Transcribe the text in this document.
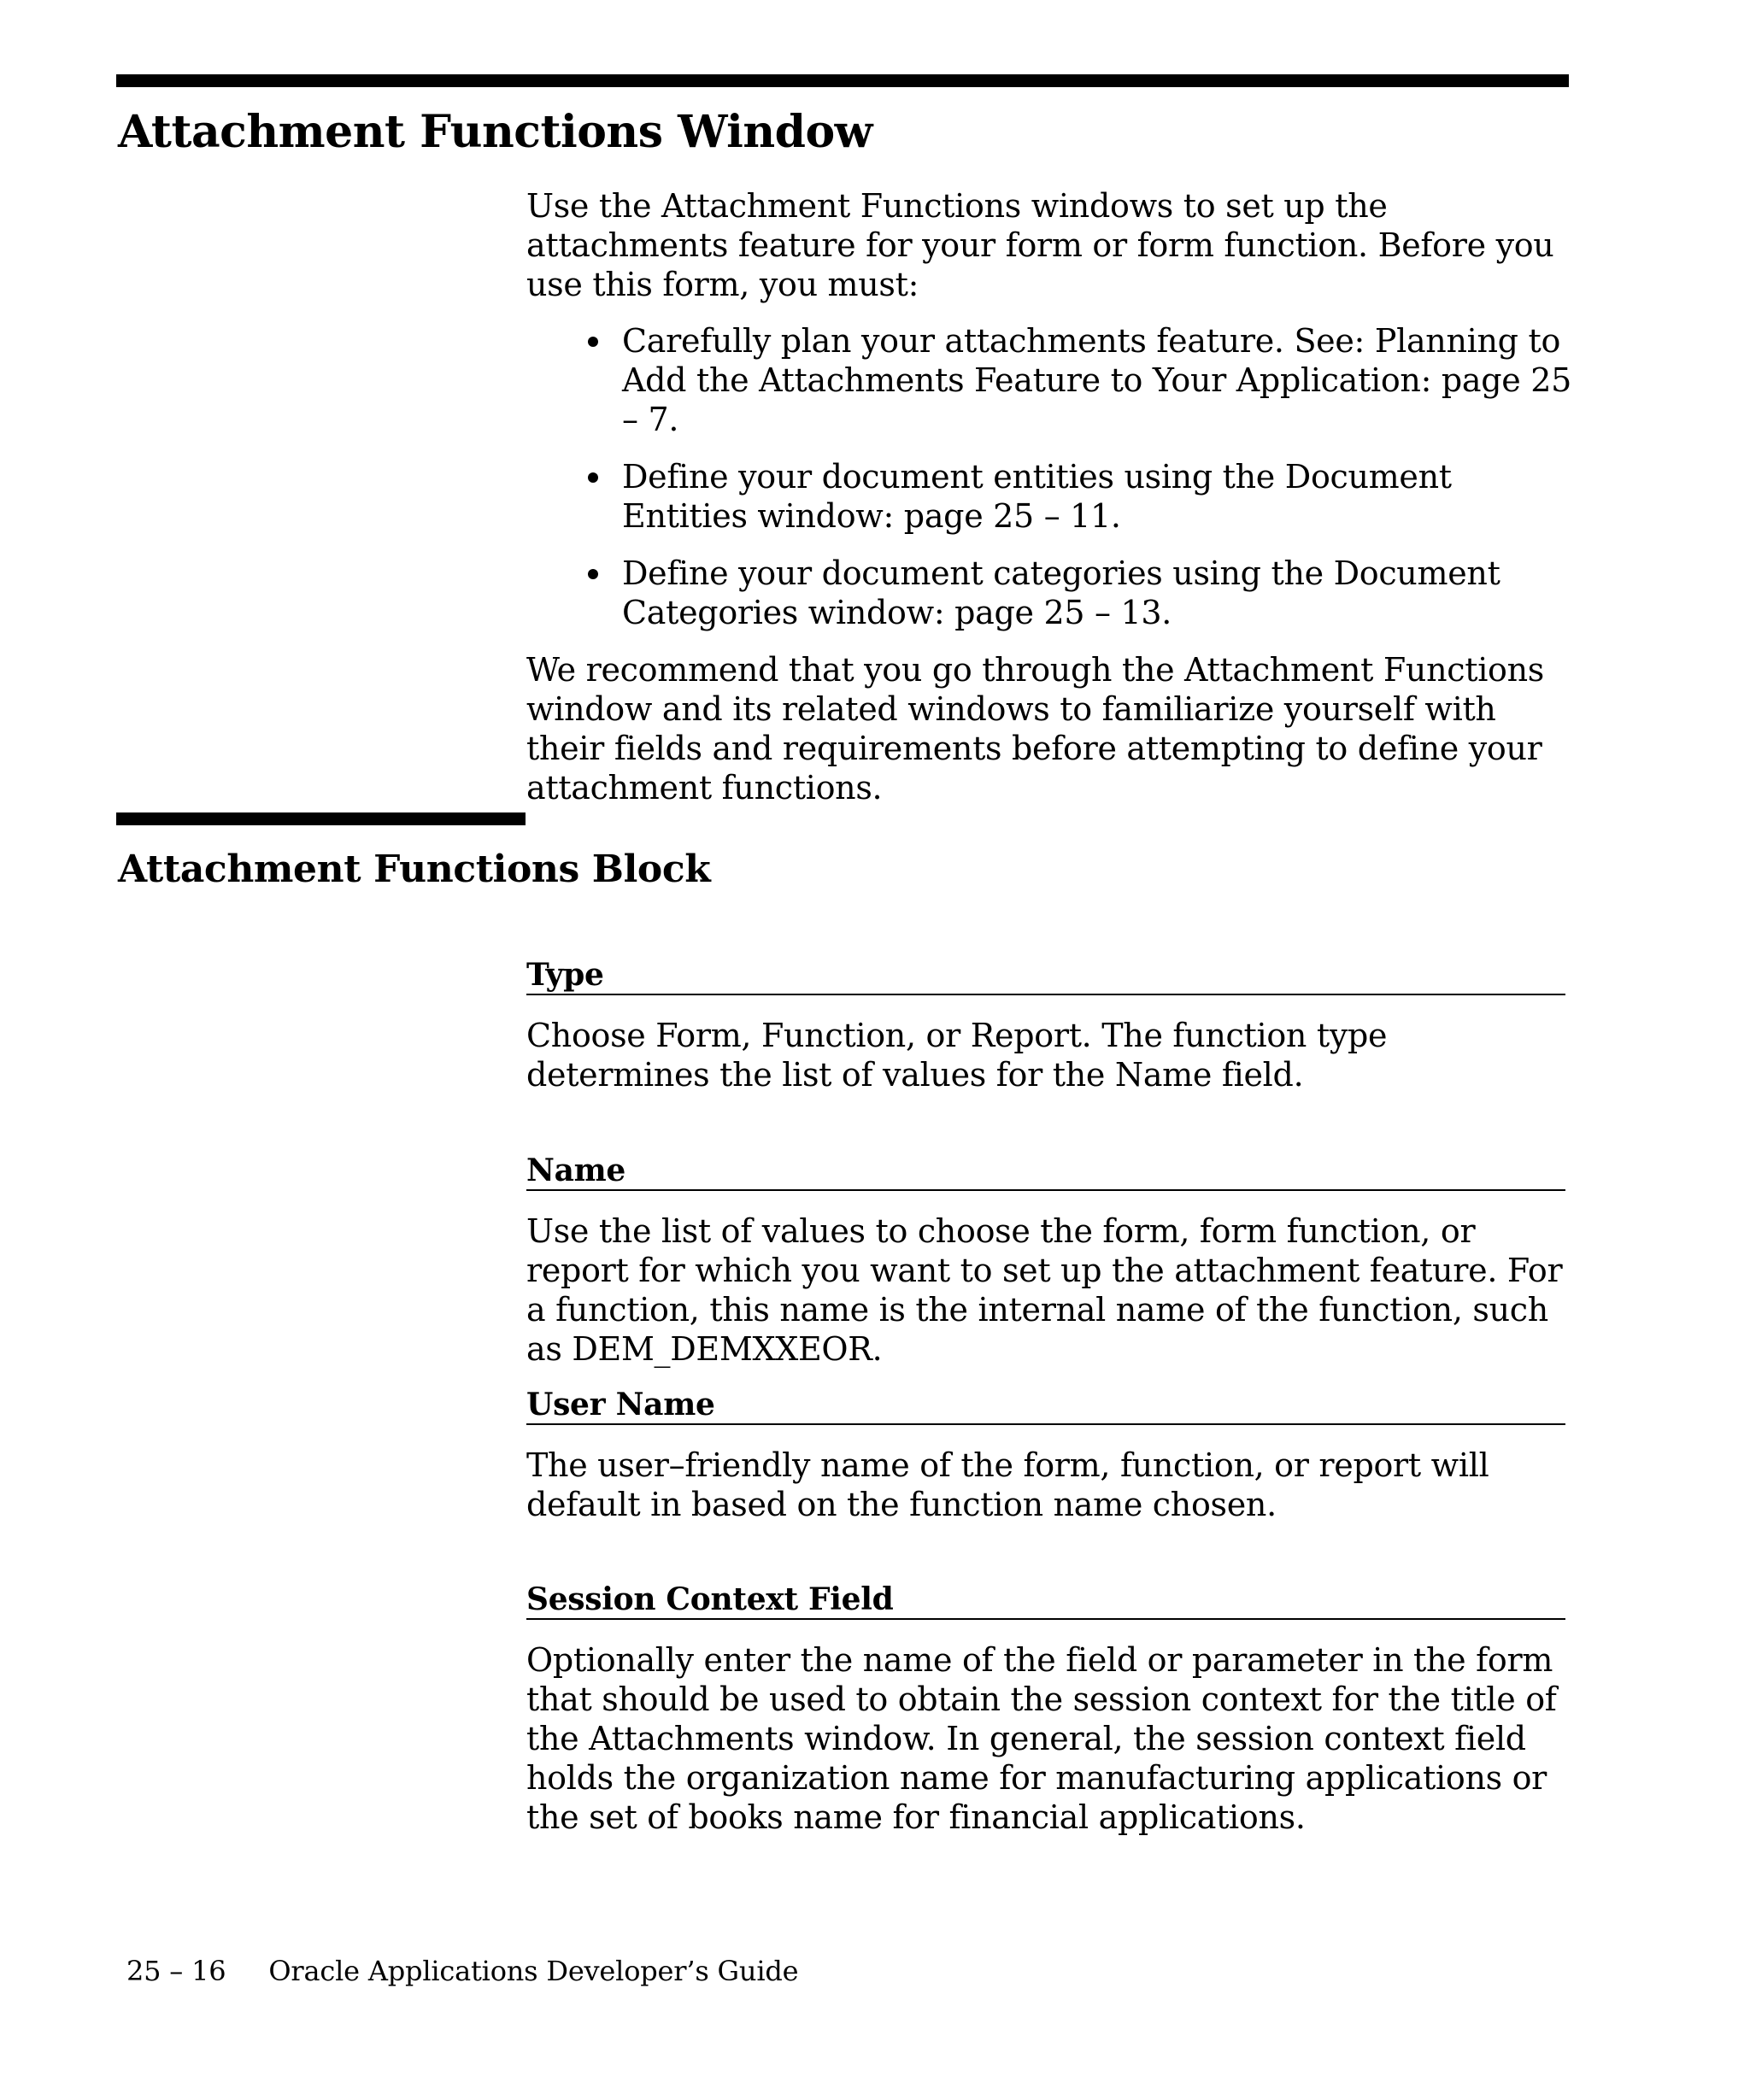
Attachment Functions Window

Use the Attachment Functions windows to set up the attachments feature for your form or form function. Before you use this form, you must:

Carefully plan your attachments feature. See: Planning to Add the Attachments Feature to Your Application: page 25 – 7.
Define your document entities using the Document Entities window: page 25 – 11.
Define your document categories using the Document Categories window: page 25 – 13.

We recommend that you go through the Attachment Functions window and its related windows to familiarize yourself with their fields and requirements before attempting to define your attachment functions.

Attachment Functions Block

Type

Choose Form, Function, or Report. The function type determines the list of values for the Name field.

Name

Use the list of values to choose the form, form function, or report for which you want to set up the attachment feature. For a function, this name is the internal name of the function, such as DEM_DEMXXEOR.

User Name

The user–friendly name of the form, function, or report will default in based on the function name chosen.

Session Context Field

Optionally enter the name of the field or parameter in the form that should be used to obtain the session context for the title of the Attachments window. In general, the session context field holds the organization name for manufacturing applications or the set of books name for financial applications.

25 – 16 Oracle Applications Developer’s Guide
